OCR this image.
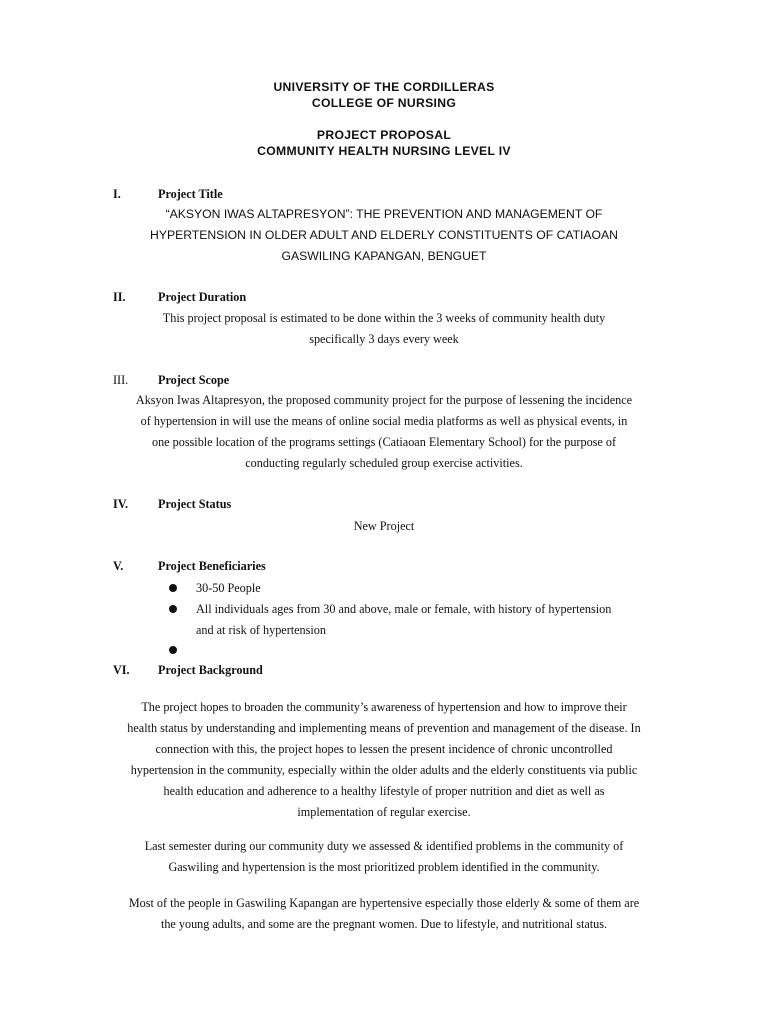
UNIVERSITY OF THE CORDILLERAS
COLLEGE OF NURSING
PROJECT PROPOSAL
COMMUNITY HEALTH NURSING LEVEL IV
I.	Project Title
“AKSYON IWAS ALTAPRESYON”: THE PREVENTION AND MANAGEMENT OF
HYPERTENSION IN OLDER ADULT AND ELDERLY CONSTITUENTS OF CATIAOAN
GASWILING KAPANGAN, BENGUET
II.	Project Duration
This project proposal is estimated to be done within the 3 weeks of community health duty
specifically 3 days every week
III. Project Scope
Aksyon Iwas Altapresyon, the proposed community project for the purpose of lessening the incidence
of hypertension in will use the means of online social media platforms as well as physical events, in
one possible location of the programs settings (Catiaoan Elementary School) for the purpose of
conducting regularly scheduled group exercise activities.
IV. Project Status
New Project
V.	Project Beneficiaries
30-50 People
All individuals ages from 30 and above, male or female, with history of hypertension
and at risk of hypertension
VI. Project Background
The project hopes to broaden the community’s awareness of hypertension and how to improve their
health status by understanding and implementing means of prevention and management of the disease. In
connection with this, the project hopes to lessen the present incidence of chronic uncontrolled
hypertension in the community, especially within the older adults and the elderly constituents via public
health education and adherence to a healthy lifestyle of proper nutrition and diet as well as
implementation of regular exercise.
Last semester during our community duty we assessed & identified problems in the community of
Gaswiling and hypertension is the most prioritized problem identified in the community.
Most of the people in Gaswiling Kapangan are hypertensive especially those elderly & some of them are
the young adults, and some are the pregnant women. Due to lifestyle, and nutritional status.
